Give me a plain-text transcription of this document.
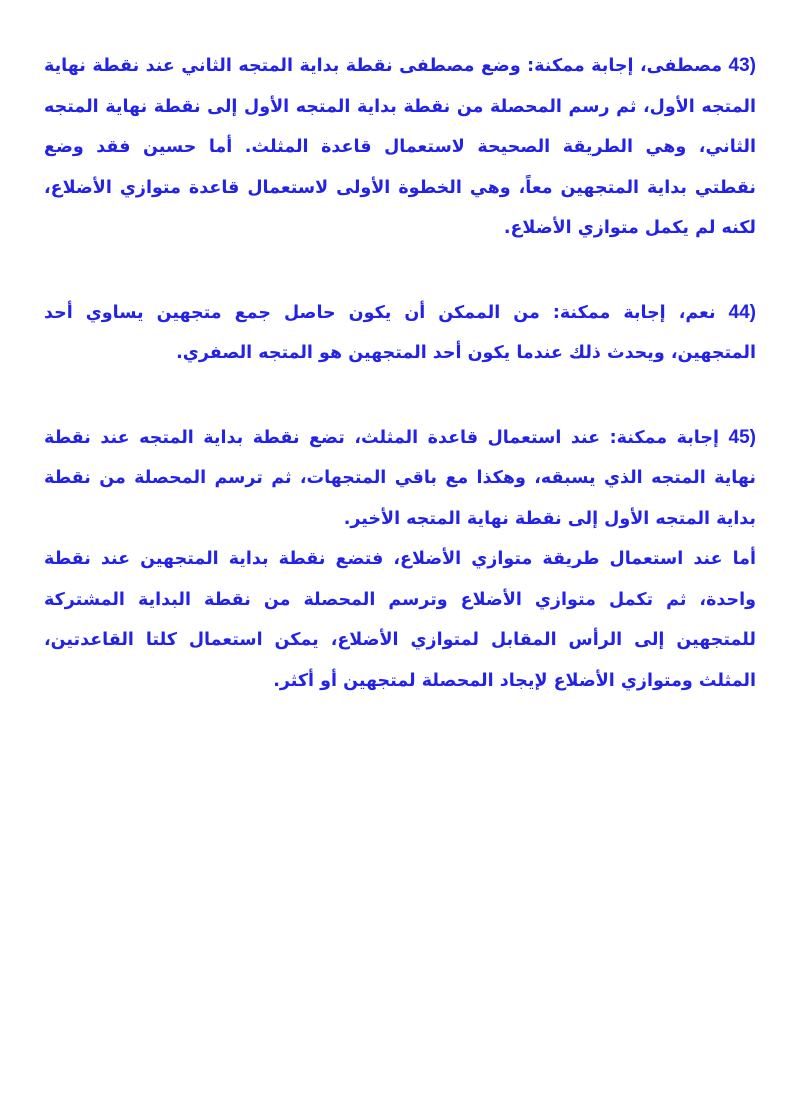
43) مصطفى، إجابة ممكنة: وضع مصطفى نقطة بداية المتجه الثاني عند نقطة نهاية المتجه الأول، ثم رسم المحصلة من نقطة بداية المتجه الأول إلى نقطة نهاية المتجه الثاني، وهي الطريقة الصحيحة لاستعمال قاعدة المثلث. أما حسين فقد وضع نقطتي بداية المتجهين معاً، وهي الخطوة الأولى لاستعمال قاعدة متوازي الأضلاع، لكنه لم يكمل متوازي الأضلاع.

44) نعم، إجابة ممكنة: من الممكن أن يكون حاصل جمع متجهين يساوي أحد المتجهين، ويحدث ذلك عندما يكون أحد المتجهين هو المتجه الصفري.

45) إجابة ممكنة: عند استعمال قاعدة المثلث، تضع نقطة بداية المتجه عند نقطة نهاية المتجه الذي يسبقه، وهكذا مع باقي المتجهات، ثم ترسم المحصلة من نقطة بداية المتجه الأول إلى نقطة نهاية المتجه الأخير.

أما عند استعمال طريقة متوازي الأضلاع، فتضع نقطة بداية المتجهين عند نقطة واحدة، ثم تكمل متوازي الأضلاع وترسم المحصلة من نقطة البداية المشتركة للمتجهين إلى الرأس المقابل لمتوازي الأضلاع، يمكن استعمال كلتا القاعدتين، المثلث ومتوازي الأضلاع لإيجاد المحصلة لمتجهين أو أكثر.
